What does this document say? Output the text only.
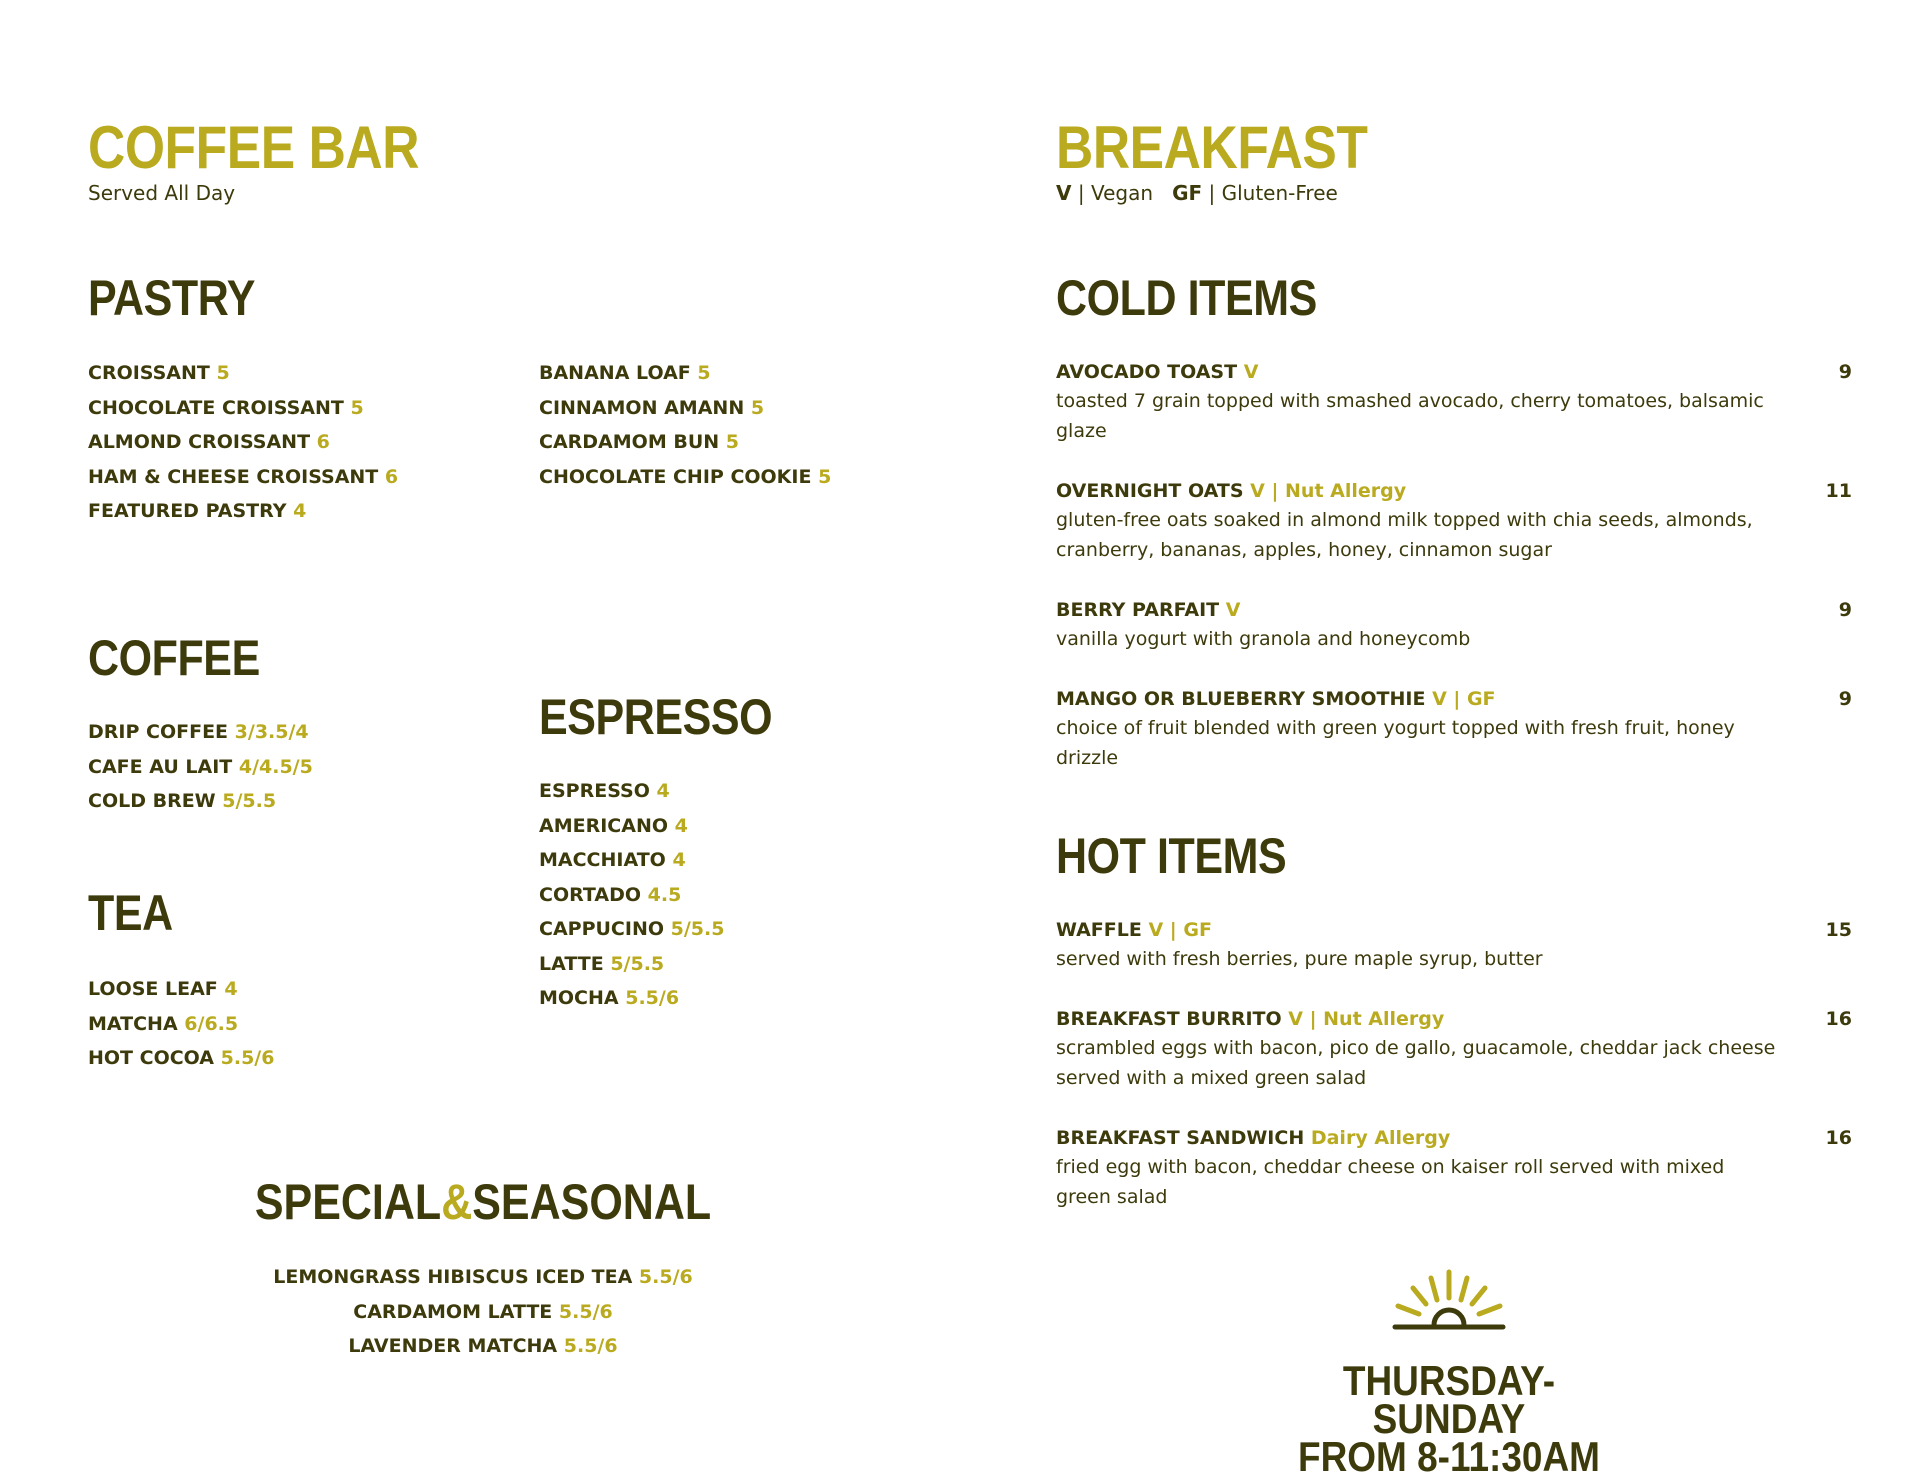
COFFEE BAR
Served All Day
PASTRY
CROISSANT 5
CHOCOLATE CROISSANT 5
ALMOND CROISSANT 6
HAM & CHEESE CROISSANT 6
FEATURED PASTRY 4
BANANA LOAF 5
CINNAMON AMANN 5
CARDAMOM BUN 5
CHOCOLATE CHIP COOKIE 5
COFFEE
DRIP COFFEE 3/3.5/4
CAFE AU LAIT 4/4.5/5
COLD BREW 5/5.5
ESPRESSO
ESPRESSO 4
AMERICANO 4
MACCHIATO 4
CORTADO 4.5
CAPPUCINO 5/5.5
LATTE 5/5.5
MOCHA 5.5/6
TEA
LOOSE LEAF 4
MATCHA 6/6.5
HOT COCOA 5.5/6
SPECIAL&SEASONAL
LEMONGRASS HIBISCUS ICED TEA 5.5/6
CARDAMOM LATTE 5.5/6
LAVENDER MATCHA 5.5/6
BREAKFAST
V | Vegan GF | Gluten-Free
COLD ITEMS
AVOCADO TOAST V	9
toasted 7 grain topped with smashed avocado, cherry tomatoes, balsamic glaze
OVERNIGHT OATS V | Nut Allergy	11
gluten-free oats soaked in almond milk topped with chia seeds, almonds, cranberry, bananas, apples, honey, cinnamon sugar
BERRY PARFAIT V	9
vanilla yogurt with granola and honeycomb
MANGO OR BLUEBERRY SMOOTHIE V | GF	9
choice of fruit blended with green yogurt topped with fresh fruit, honey drizzle
HOT ITEMS
WAFFLE V | GF	15
served with fresh berries, pure maple syrup, butter
BREAKFAST BURRITO V | Nut Allergy	16
scrambled eggs with bacon, pico de gallo, guacamole, cheddar jack cheese served with a mixed green salad
BREAKFAST SANDWICH Dairy Allergy	16
fried egg with bacon, cheddar cheese on kaiser roll served with mixed green salad
THURSDAY-SUNDAY
FROM 8-11:30AM
